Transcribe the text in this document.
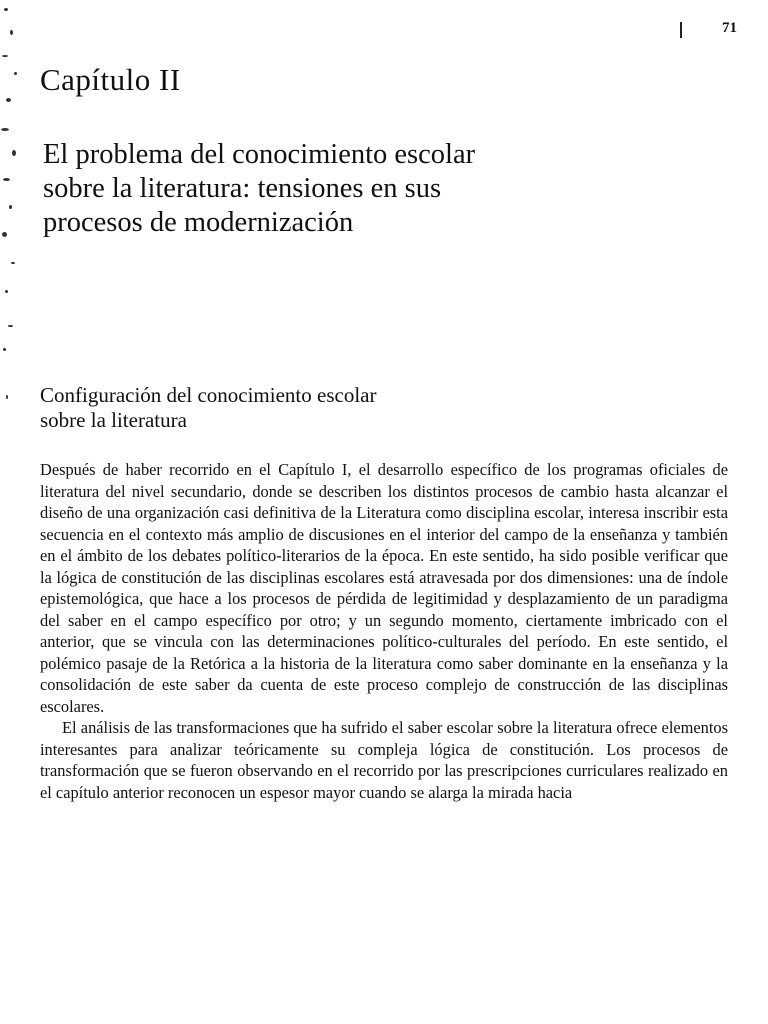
71
Capítulo II
El problema del conocimiento escolar
sobre la literatura: tensiones en sus
procesos de modernización
Configuración del conocimiento escolar
sobre la literatura

Después de haber recorrido en el Capítulo I, el desarrollo específico de los programas oficiales de literatura del nivel secundario, donde se describen los distintos procesos de cambio hasta alcanzar el diseño de una organización casi definitiva de la Literatura como disciplina escolar, interesa inscribir esta secuencia en el contexto más amplio de discusiones en el interior del campo de la enseñanza y también en el ámbito de los debates político-literarios de la época. En este sentido, ha sido posible verificar que la lógica de constitución de las disciplinas escolares está atravesada por dos dimensiones: una de índole epistemológica, que hace a los procesos de pérdida de legitimidad y desplazamiento de un paradigma del saber en el campo específico por otro; y un segundo momento, ciertamente imbricado con el anterior, que se vincula con las determinaciones político-culturales del período. En este sentido, el polémico pasaje de la Retórica a la historia de la literatura como saber dominante en la enseñanza y la consolidación de este saber da cuenta de este proceso complejo de construcción de las disciplinas escolares.

El análisis de las transformaciones que ha sufrido el saber escolar sobre la literatura ofrece elementos interesantes para analizar teóricamente su compleja lógica de constitución. Los procesos de transformación que se fueron observando en el recorrido por las prescripciones curriculares realizado en el capítulo anterior reconocen un espesor mayor cuando se alarga la mirada hacia
